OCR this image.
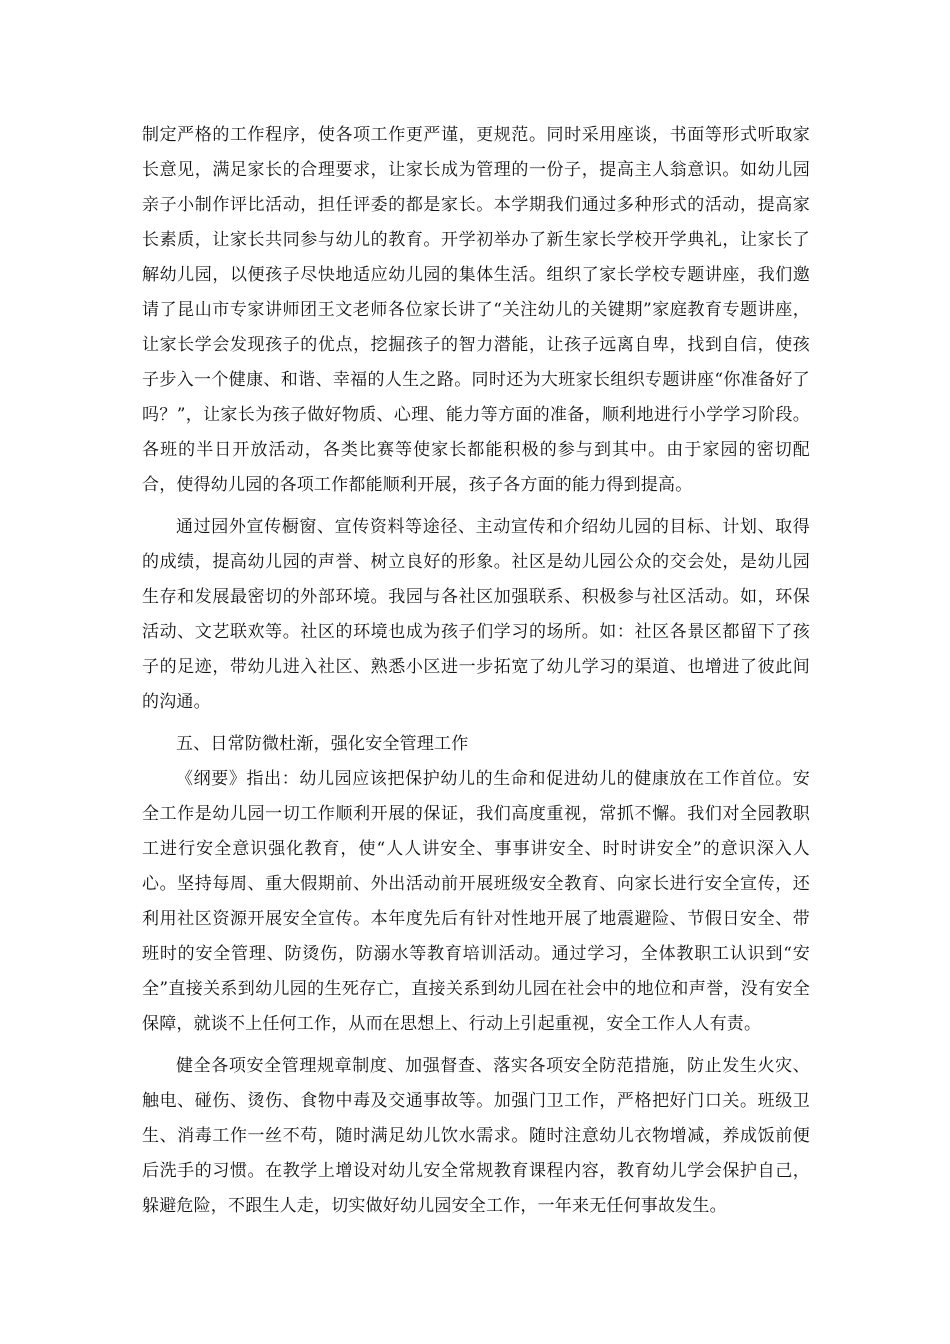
制定严格的工作程序，使各项工作更严谨，更规范。同时采用座谈，书面等形式听取家长意见，满足家长的合理要求，让家长成为管理的一份子，提高主人翁意识。如幼儿园亲子小制作评比活动，担任评委的都是家长。本学期我们通过多种形式的活动，提高家长素质，让家长共同参与幼儿的教育。开学初举办了新生家长学校开学典礼，让家长了解幼儿园，以便孩子尽快地适应幼儿园的集体生活。组织了家长学校专题讲座，我们邀请了昆山市专家讲师团王文老师各位家长讲了“关注幼儿的关键期”家庭教育专题讲座，让家长学会发现孩子的优点，挖掘孩子的智力潜能，让孩子远离自卑，找到自信，使孩子步入一个健康、和谐、幸福的人生之路。同时还为大班家长组织专题讲座“你准备好了吗？”，让家长为孩子做好物质、心理、能力等方面的准备，顺利地进行小学学习阶段。各班的半日开放活动，各类比赛等使家长都能积极的参与到其中。由于家园的密切配合，使得幼儿园的各项工作都能顺利开展，孩子各方面的能力得到提高。

通过园外宣传橱窗、宣传资料等途径、主动宣传和介绍幼儿园的目标、计划、取得的成绩，提高幼儿园的声誉、树立良好的形象。社区是幼儿园公众的交会处，是幼儿园生存和发展最密切的外部环境。我园与各社区加强联系、积极参与社区活动。如，环保活动、文艺联欢等。社区的环境也成为孩子们学习的场所。如：社区各景区都留下了孩子的足迹，带幼儿进入社区、熟悉小区进一步拓宽了幼儿学习的渠道、也增进了彼此间的沟通。

五、日常防微杜渐，强化安全管理工作

《纲要》指出：幼儿园应该把保护幼儿的生命和促进幼儿的健康放在工作首位。安全工作是幼儿园一切工作顺利开展的保证，我们高度重视，常抓不懈。我们对全园教职工进行安全意识强化教育，使“人人讲安全、事事讲安全、时时讲安全”的意识深入人心。坚持每周、重大假期前、外出活动前开展班级安全教育、向家长进行安全宣传，还利用社区资源开展安全宣传。本年度先后有针对性地开展了地震避险、节假日安全、带班时的安全管理、防烫伤，防溺水等教育培训活动。通过学习，全体教职工认识到“安全”直接关系到幼儿园的生死存亡，直接关系到幼儿园在社会中的地位和声誉，没有安全保障，就谈不上任何工作，从而在思想上、行动上引起重视，安全工作人人有责。

健全各项安全管理规章制度、加强督查、落实各项安全防范措施，防止发生火灾、触电、碰伤、烫伤、食物中毒及交通事故等。加强门卫工作，严格把好门口关。班级卫生、消毒工作一丝不苟，随时满足幼儿饮水需求。随时注意幼儿衣物增减，养成饭前便后洗手的习惯。在教学上增设对幼儿安全常规教育课程内容，教育幼儿学会保护自己，躲避危险，不跟生人走，切实做好幼儿园安全工作，一年来无任何事故发生。
